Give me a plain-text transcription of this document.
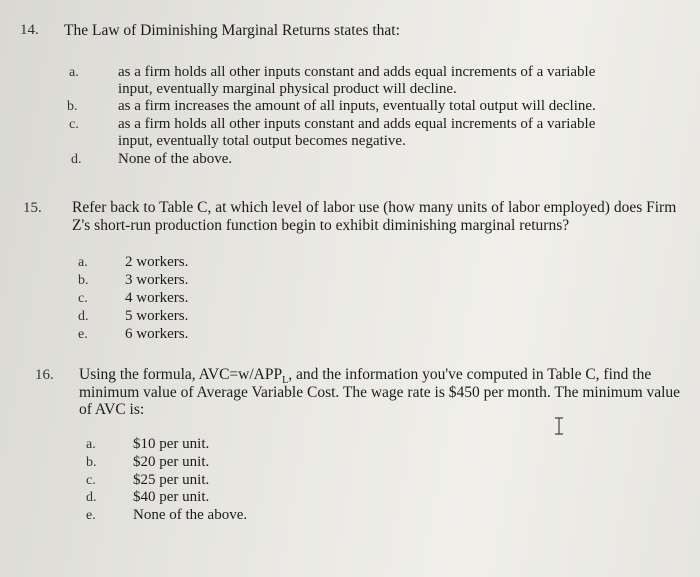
14. The Law of Diminishing Marginal Returns states that:
a.	as a firm holds all other inputs constant and adds equal increments of a variable
input, eventually marginal physical product will decline.
b.	as a firm increases the amount of all inputs, eventually total output will decline.
c.	as a firm holds all other inputs constant and adds equal increments of a variable
input, eventually total output becomes negative.
d. None of the above.
15. Refer back to Table C, at which level of labor use (how many units of labor employed) does Firm
Z's short-run production function begin to exhibit diminishing marginal returns?
a. 2 workers.
b. 3 workers.
c. 4 workers.
d. 5 workers.
e. 6 workers.
16. Using the formula, $AVC=w/APP_L$, and the information you've computed in Table C, find the
minimum value of Average Variable Cost. The wage rate is $450 per month. The minimum value
of AVC is:
a. $10 per unit.
b. $20 per unit.
c. $25 per unit.
d. $40 per unit.
e. None of the above.
